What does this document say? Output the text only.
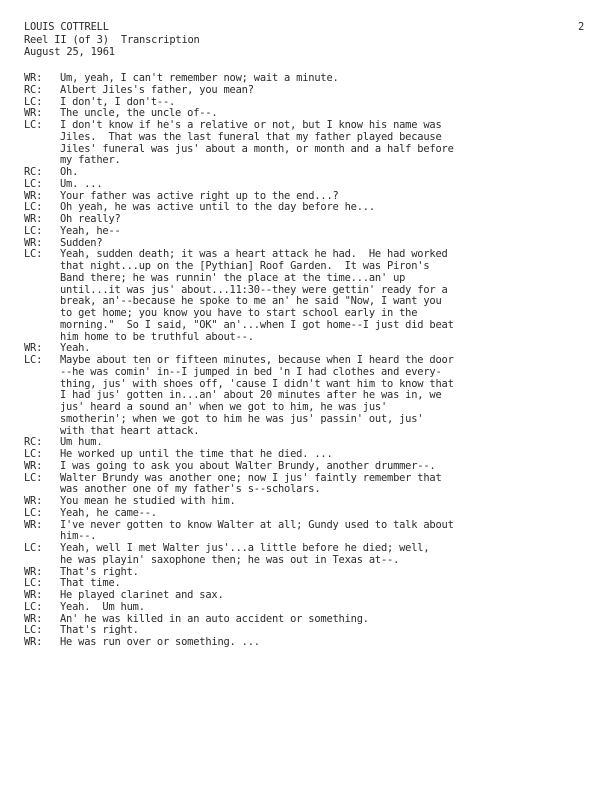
LOUIS COTTRELL
Reel II (of 3)  Transcription
August 25, 1961
2
WR:	Um, yeah, I can't remember now; wait a minute.
RC:	Albert Jiles's father, you mean?
LC:	I don't, I don't--.
WR:	The uncle, the uncle of--.
LC:	I don't know if he's a relative or not, but I know his name was
Jiles.  That was the last funeral that my father played because
Jiles' funeral was jus' about a month, or month and a half before
my father.
RC:	Oh.
LC:	Um. ...
WR:	Your father was active right up to the end...?
LC:	Oh yeah, he was active until to the day before he...
WR:	Oh really?
LC:	Yeah, he--
WR:	Sudden?
LC:	Yeah, sudden death; it was a heart attack he had.  He had worked
that night...up on the [Pythian] Roof Garden.  It was Piron's
Band there; he was runnin' the place at the time...an' up
until...it was jus' about...11:30--they were gettin' ready for a
break, an'--because he spoke to me an' he said "Now, I want you
to get home; you know you have to start school early in the
morning."  So I said, "OK" an'...when I got home--I just did beat
him home to be truthful about--.
WR:	Yeah.
LC:	Maybe about ten or fifteen minutes, because when I heard the door
--he was comin' in--I jumped in bed 'n I had clothes and every-
thing, jus' with shoes off, 'cause I didn't want him to know that
I had jus' gotten in...an' about 20 minutes after he was in, we
jus' heard a sound an' when we got to him, he was jus'
smotherin'; when we got to him he was jus' passin' out, jus'
with that heart attack.
RC:	Um hum.
LC:	He worked up until the time that he died. ...
WR:	I was going to ask you about Walter Brundy, another drummer--.
LC:	Walter Brundy was another one; now I jus' faintly remember that
was another one of my father's s--scholars.
WR:	You mean he studied with him.
LC:	Yeah, he came--.
WR:	I've never gotten to know Walter at all; Gundy used to talk about
him--.
LC:	Yeah, well I met Walter jus'...a little before he died; well,
he was playin' saxophone then; he was out in Texas at--.
WR:	That's right.
LC:	That time.
WR:	He played clarinet and sax.
LC:	Yeah.  Um hum.
WR:	An' he was killed in an auto accident or something.
LC:	That's right.
WR:	He was run over or something. ...
